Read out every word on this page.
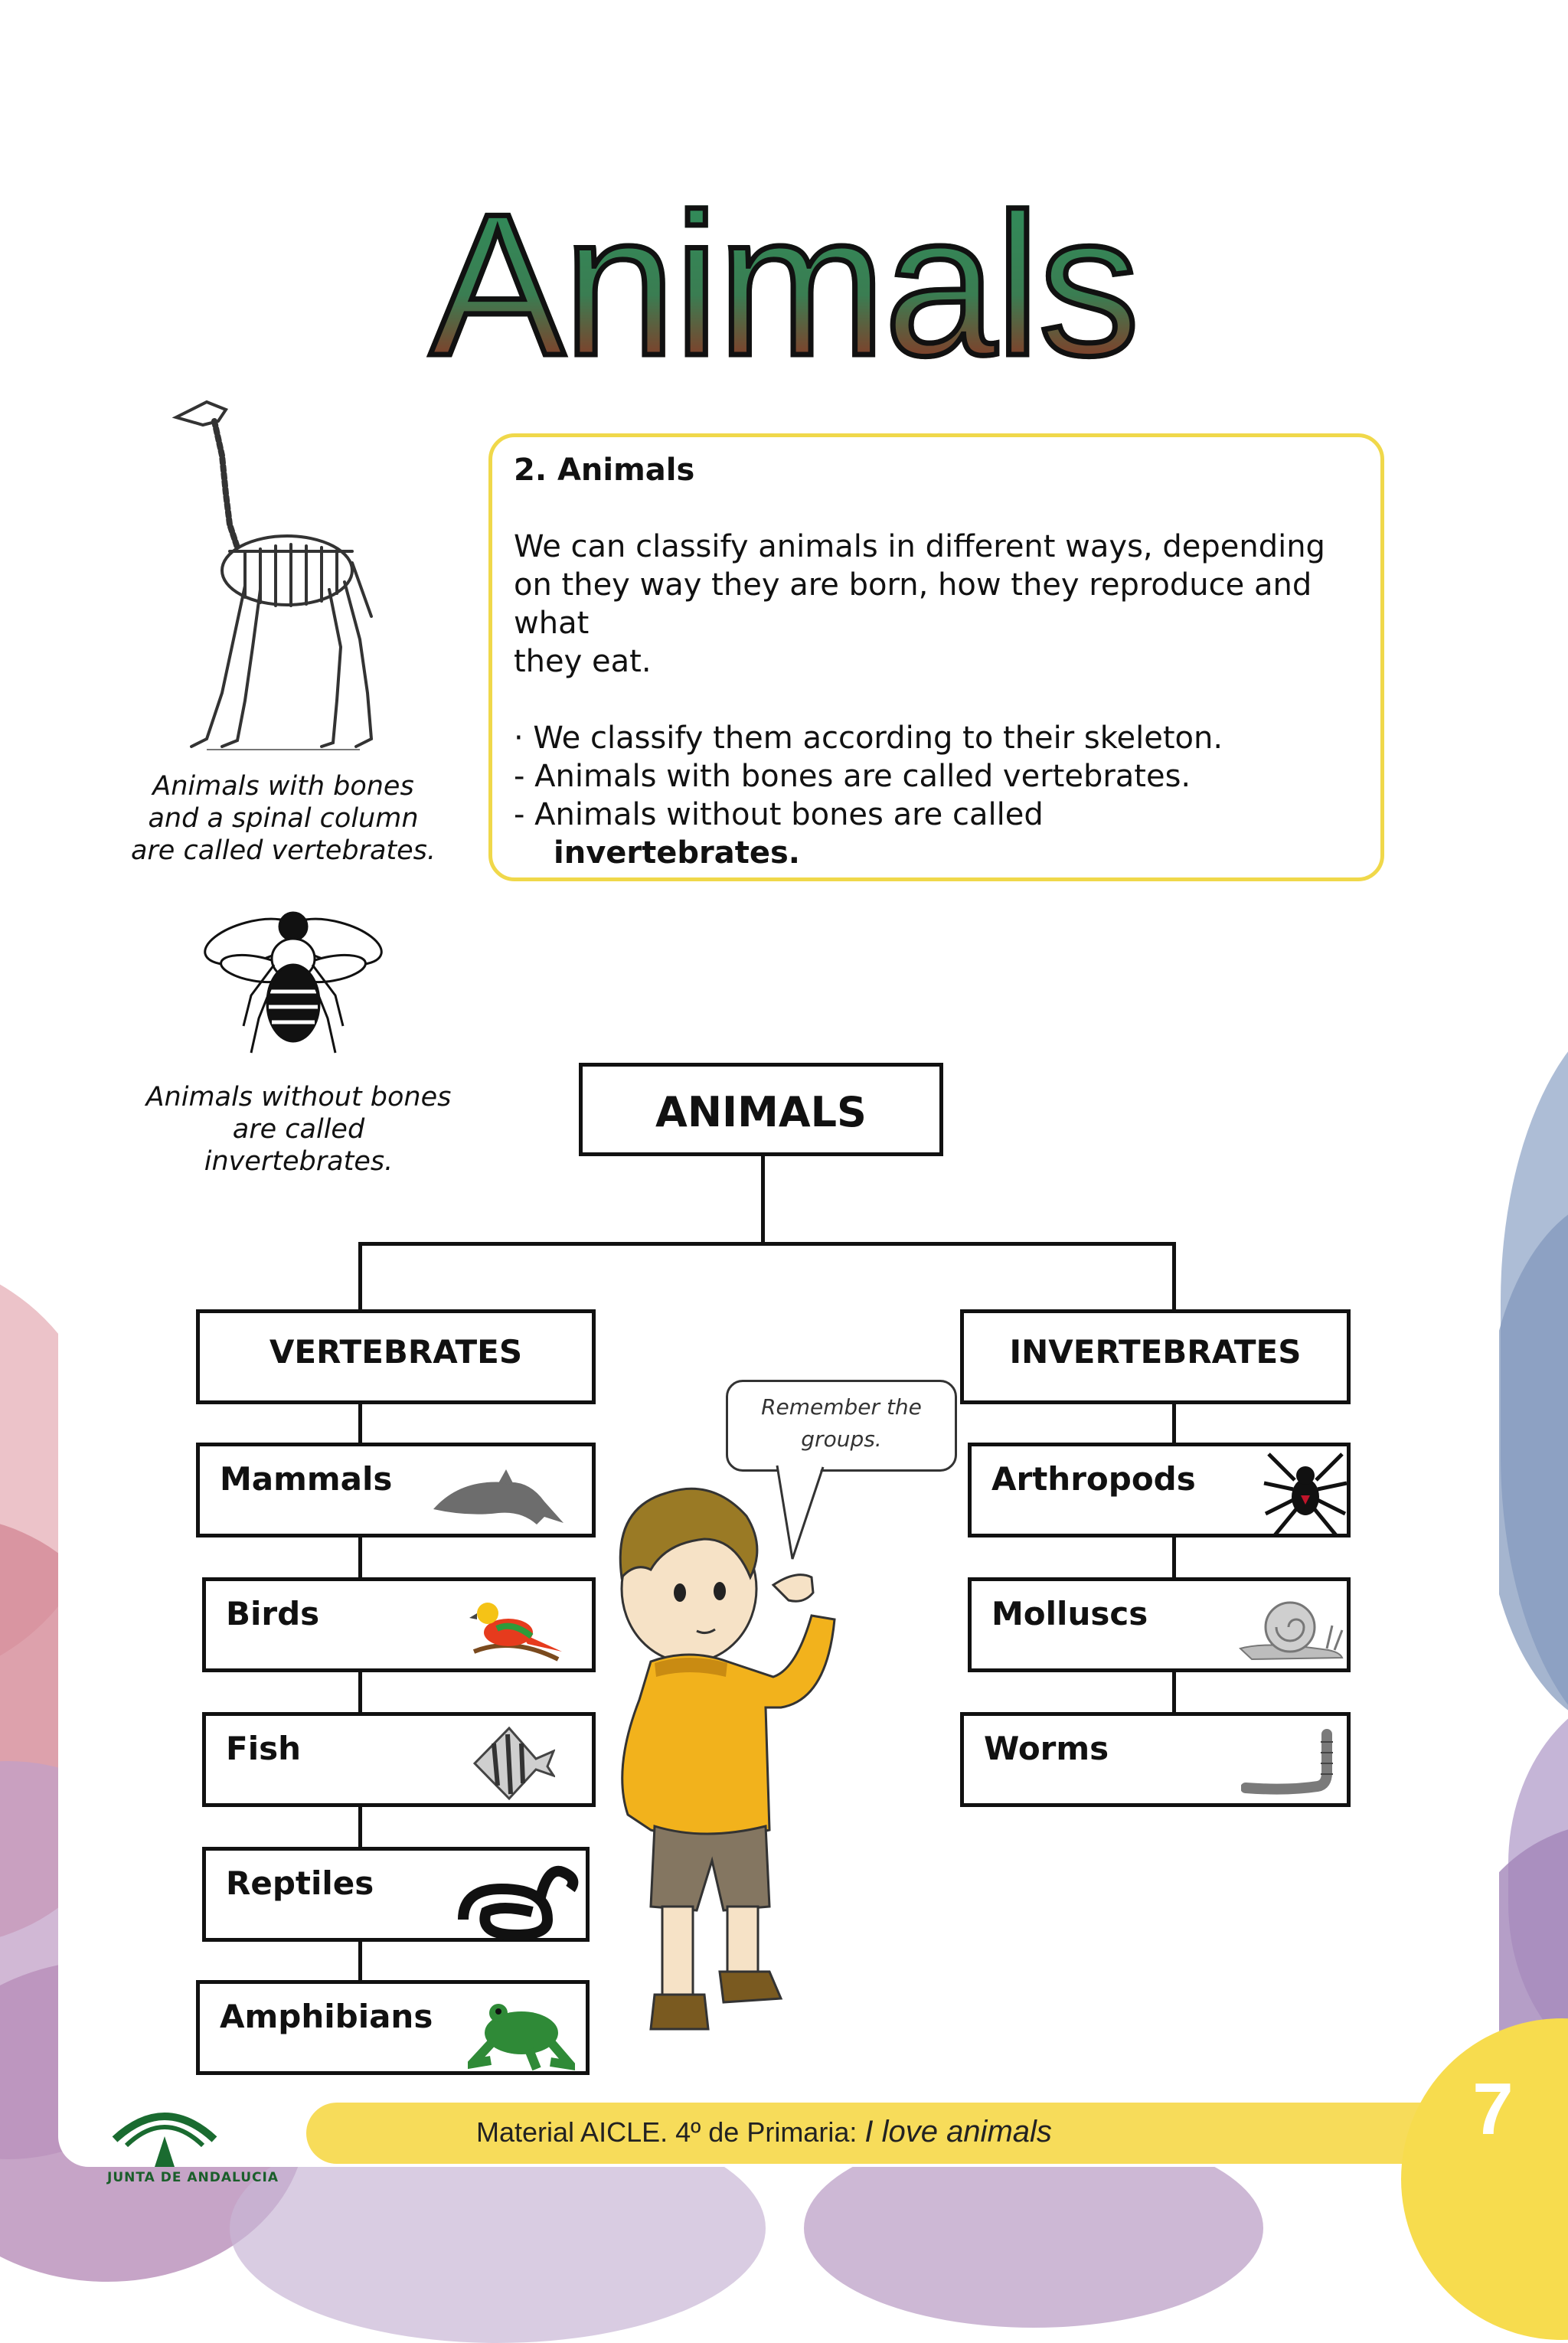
Animals
Animals with bones
and a spinal column
are called vertebrates.
Animals without bones
are called
invertebrates.

2. Animals

We can classify animals in different ways, depending

on they way they are born, how they reproduce and what

they eat.

· We classify them according to their skeleton.

- Animals with bones are called vertebrates.

- Animals without bones are called

invertebrates.

ANIMALS
VERTEBRATES	INVERTEBRATES
Mammals
Birds
Fish
Reptiles
Amphibians
Arthropods
Molluscs
Worms
Remember the
groups.
Material AICLE. 4º de Primaria: I love animals	7
JUNTA DE ANDALUCIA
